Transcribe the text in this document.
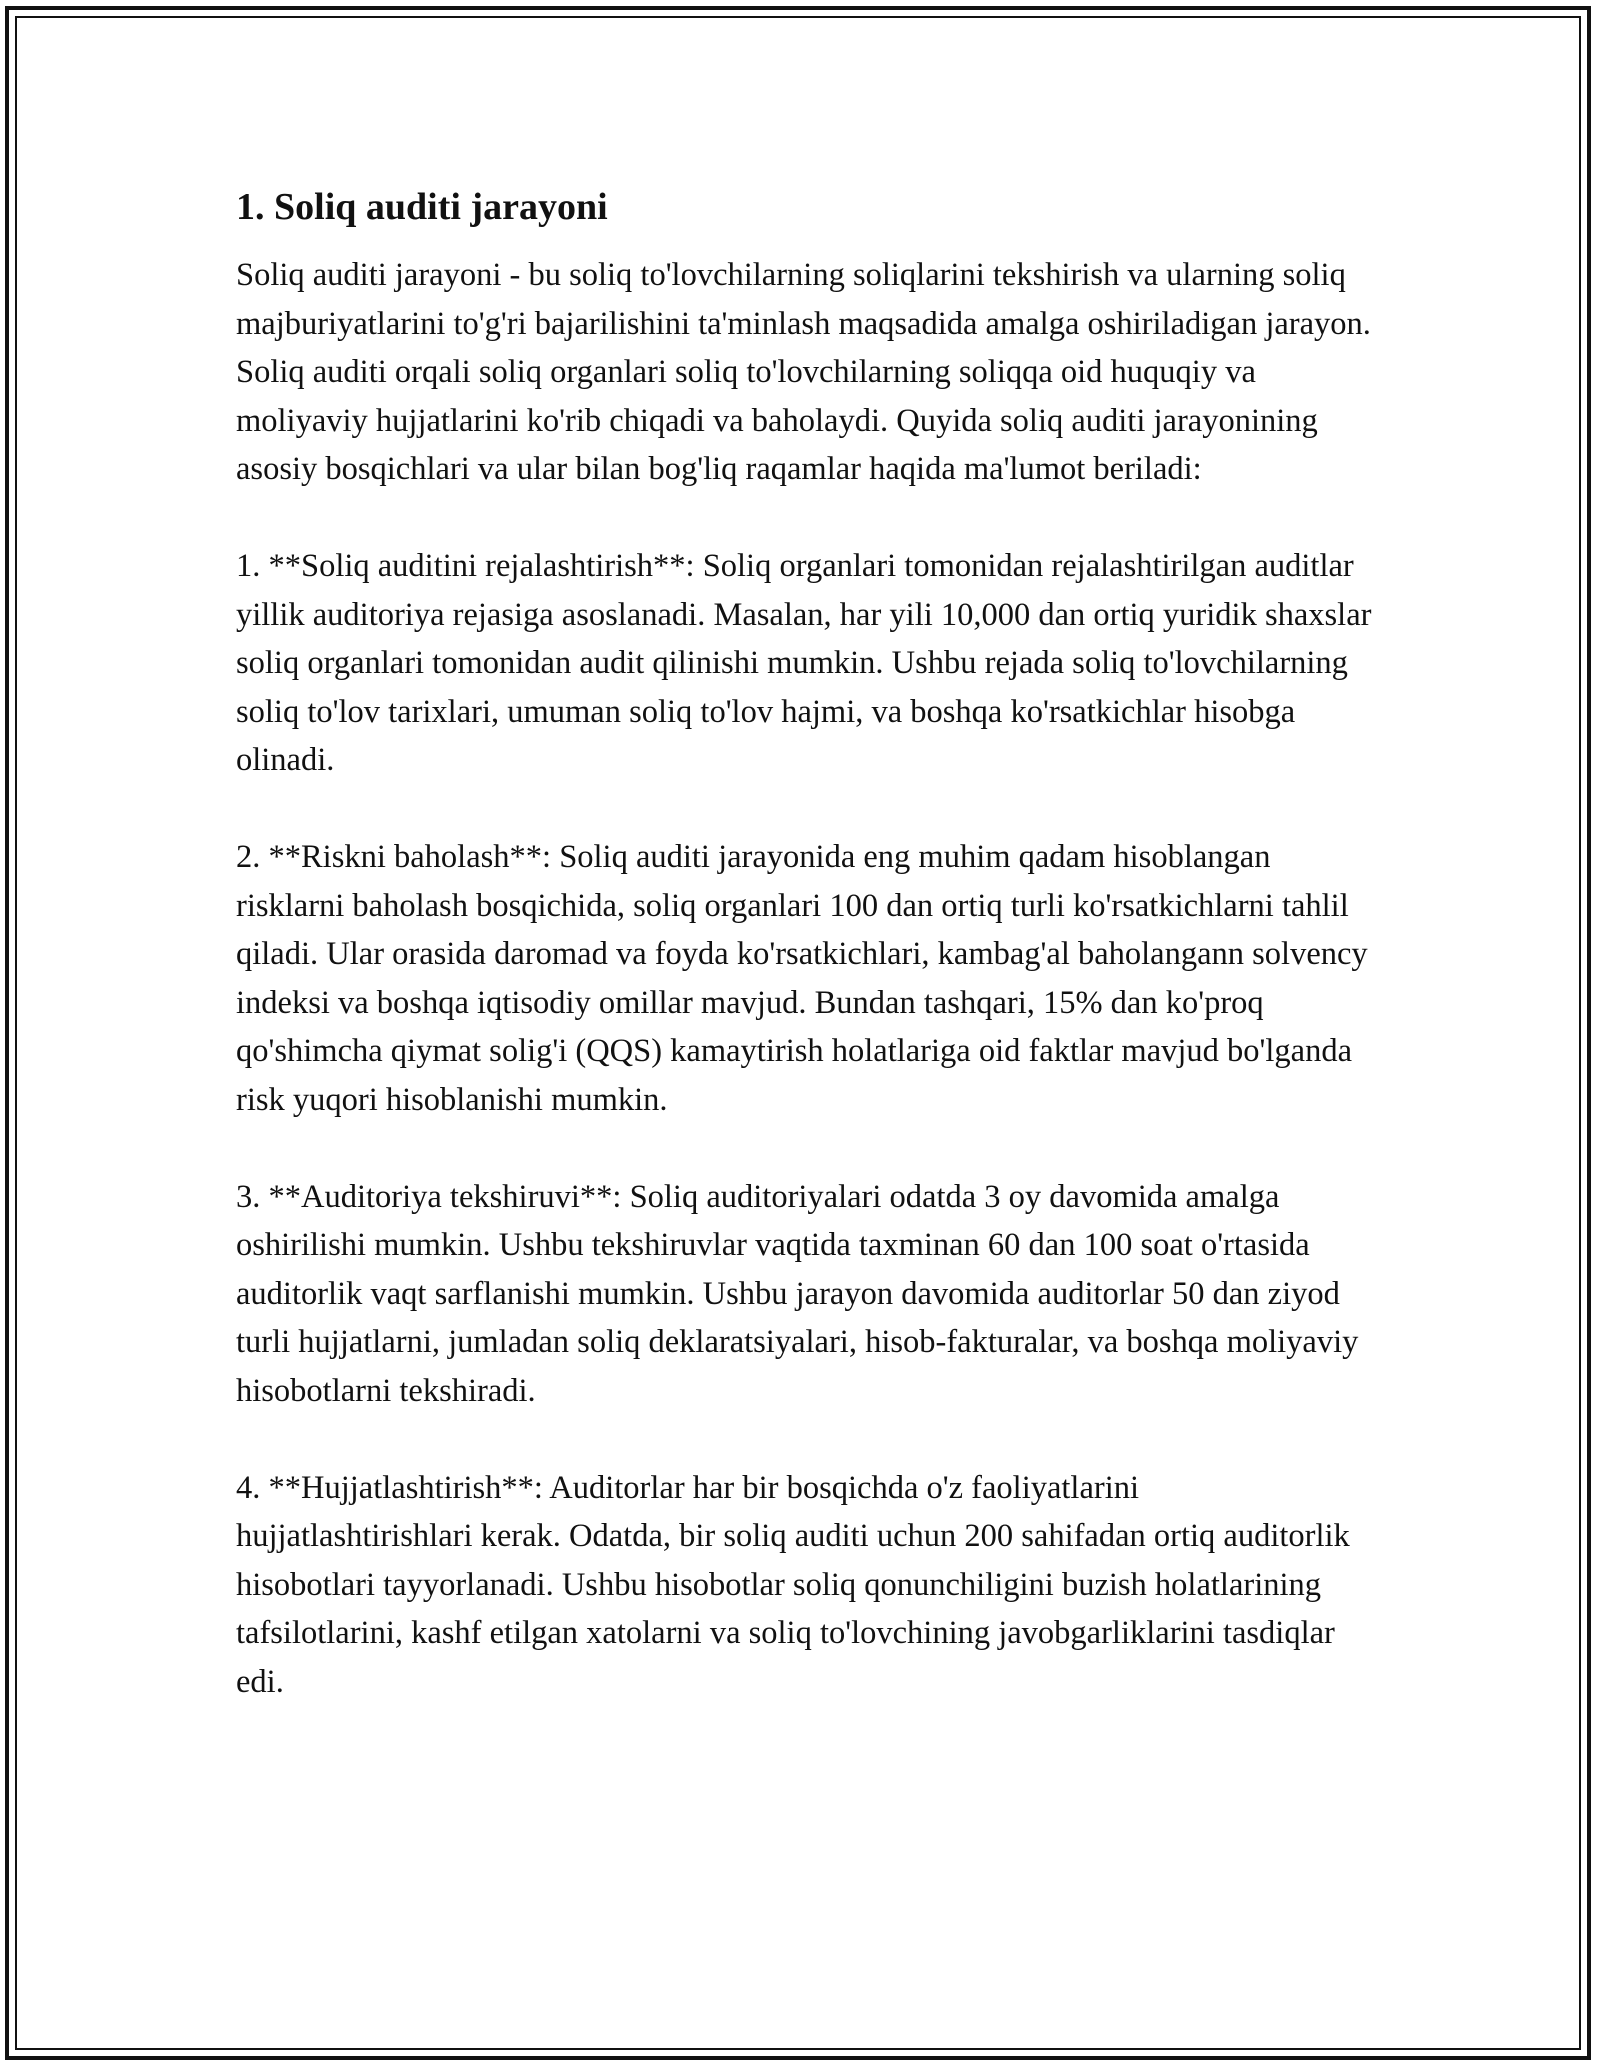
1. Soliq auditi jarayoni

Soliq auditi jarayoni - bu soliq to'lovchilarning soliqlarini tekshirish va ularning soliq majburiyatlarini to'g'ri bajarilishini ta'minlash maqsadida amalga oshiriladigan jarayon. Soliq auditi orqali soliq organlari soliq to'lovchilarning soliqqa oid huquqiy va moliyaviy hujjatlarini ko'rib chiqadi va baholaydi. Quyida soliq auditi jarayonining asosiy bosqichlari va ular bilan bog'liq raqamlar haqida ma'lumot beriladi:

1. **Soliq auditini rejalashtirish**: Soliq organlari tomonidan rejalashtirilgan auditlar yillik auditoriya rejasiga asoslanadi. Masalan, har yili 10,000 dan ortiq yuridik shaxslar soliq organlari tomonidan audit qilinishi mumkin. Ushbu rejada soliq to'lovchilarning soliq to'lov tarixlari, umuman soliq to'lov hajmi, va boshqa ko'rsatkichlar hisobga olinadi.

2. **Riskni baholash**: Soliq auditi jarayonida eng muhim qadam hisoblangan risklarni baholash bosqichida, soliq organlari 100 dan ortiq turli ko'rsatkichlarni tahlil qiladi. Ular orasida daromad va foyda ko'rsatkichlari, kambag'al baholangann solvency indeksi va boshqa iqtisodiy omillar mavjud. Bundan tashqari, 15% dan ko'proq qo'shimcha qiymat solig'i (QQS) kamaytirish holatlariga oid faktlar mavjud bo'lganda risk yuqori hisoblanishi mumkin.

3. **Auditoriya tekshiruvi**: Soliq auditoriyalari odatda 3 oy davomida amalga oshirilishi mumkin. Ushbu tekshiruvlar vaqtida taxminan 60 dan 100 soat o'rtasida auditorlik vaqt sarflanishi mumkin. Ushbu jarayon davomida auditorlar 50 dan ziyod turli hujjatlarni, jumladan soliq deklaratsiyalari, hisob-fakturalar, va boshqa moliyaviy hisobotlarni tekshiradi.

4. **Hujjatlashtirish**: Auditorlar har bir bosqichda o'z faoliyatlarini hujjatlashtirishlari kerak. Odatda, bir soliq auditi uchun 200 sahifadan ortiq auditorlik hisobotlari tayyorlanadi. Ushbu hisobotlar soliq qonunchiligini buzish holatlarining tafsilotlarini, kashf etilgan xatolarni va soliq to'lovchining javobgarliklarini tasdiqlar edi.
